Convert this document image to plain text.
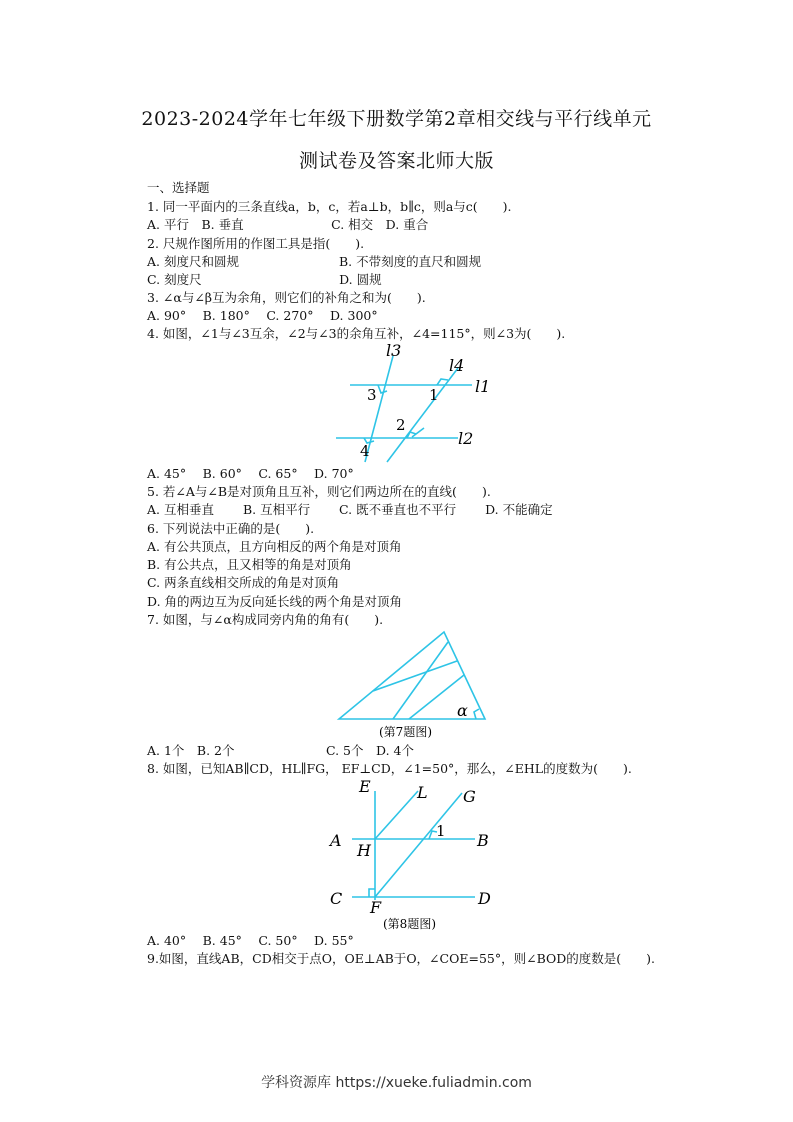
2023-2024学年七年级下册数学第2章相交线与平行线单元
测试卷及答案北师大版
一、选择题
1. 同一平面内的三条直线a，b，c，若a⊥b，b∥c，则a与c(　　).
A. 平行　B. 垂直　　　　　　　C. 相交　D. 重合
2. 尺规作图所用的作图工具是指(　　).
A. 刻度尺和圆规　　　　　　　　B. 不带刻度的直尺和圆规
C. 刻度尺　　　　　　　　　　　D. 圆规
3. ∠α与∠β互为余角，则它们的补角之和为(　　).
A. 90°　 B. 180°　 C. 270°　 D. 300°
4. 如图，∠1与∠3互余，∠2与∠3的余角互补，∠4=115°，则∠3为(　　).
l3
l4
l1
l2
3	1
2
4
A. 45°　 B. 60°　 C. 65°　 D. 70°
5. 若∠A与∠B是对顶角且互补，则它们两边所在的直线(　　).
A. 互相垂直　　 B. 互相平行　　 C. 既不垂直也不平行　　 D. 不能确定
6. 下列说法中正确的是(　　).
A. 有公共顶点，且方向相反的两个角是对顶角
B. 有公共点，且又相等的角是对顶角
C. 两条直线相交所成的角是对顶角
D. 角的两边互为反向延长线的两个角是对顶角
7. 如图，与∠α构成同旁内角的角有(　　).
α
(第7题图)
A. 1个　B. 2个　　　　　　　 C. 5个　D. 4个
8. 如图，已知AB∥CD，HL∥FG， EF⊥CD，∠1=50°，那么，∠EHL的度数为(　　).
E	L G
A
H
1 B
C	D
F
(第8题图)
A. 40°　 B. 45°　 C. 50°　 D. 55°
9.如图，直线AB，CD相交于点O，OE⊥AB于O，∠COE=55°，则∠BOD的度数是(　　).
学科资源库 https://xueke.fuliadmin.com
